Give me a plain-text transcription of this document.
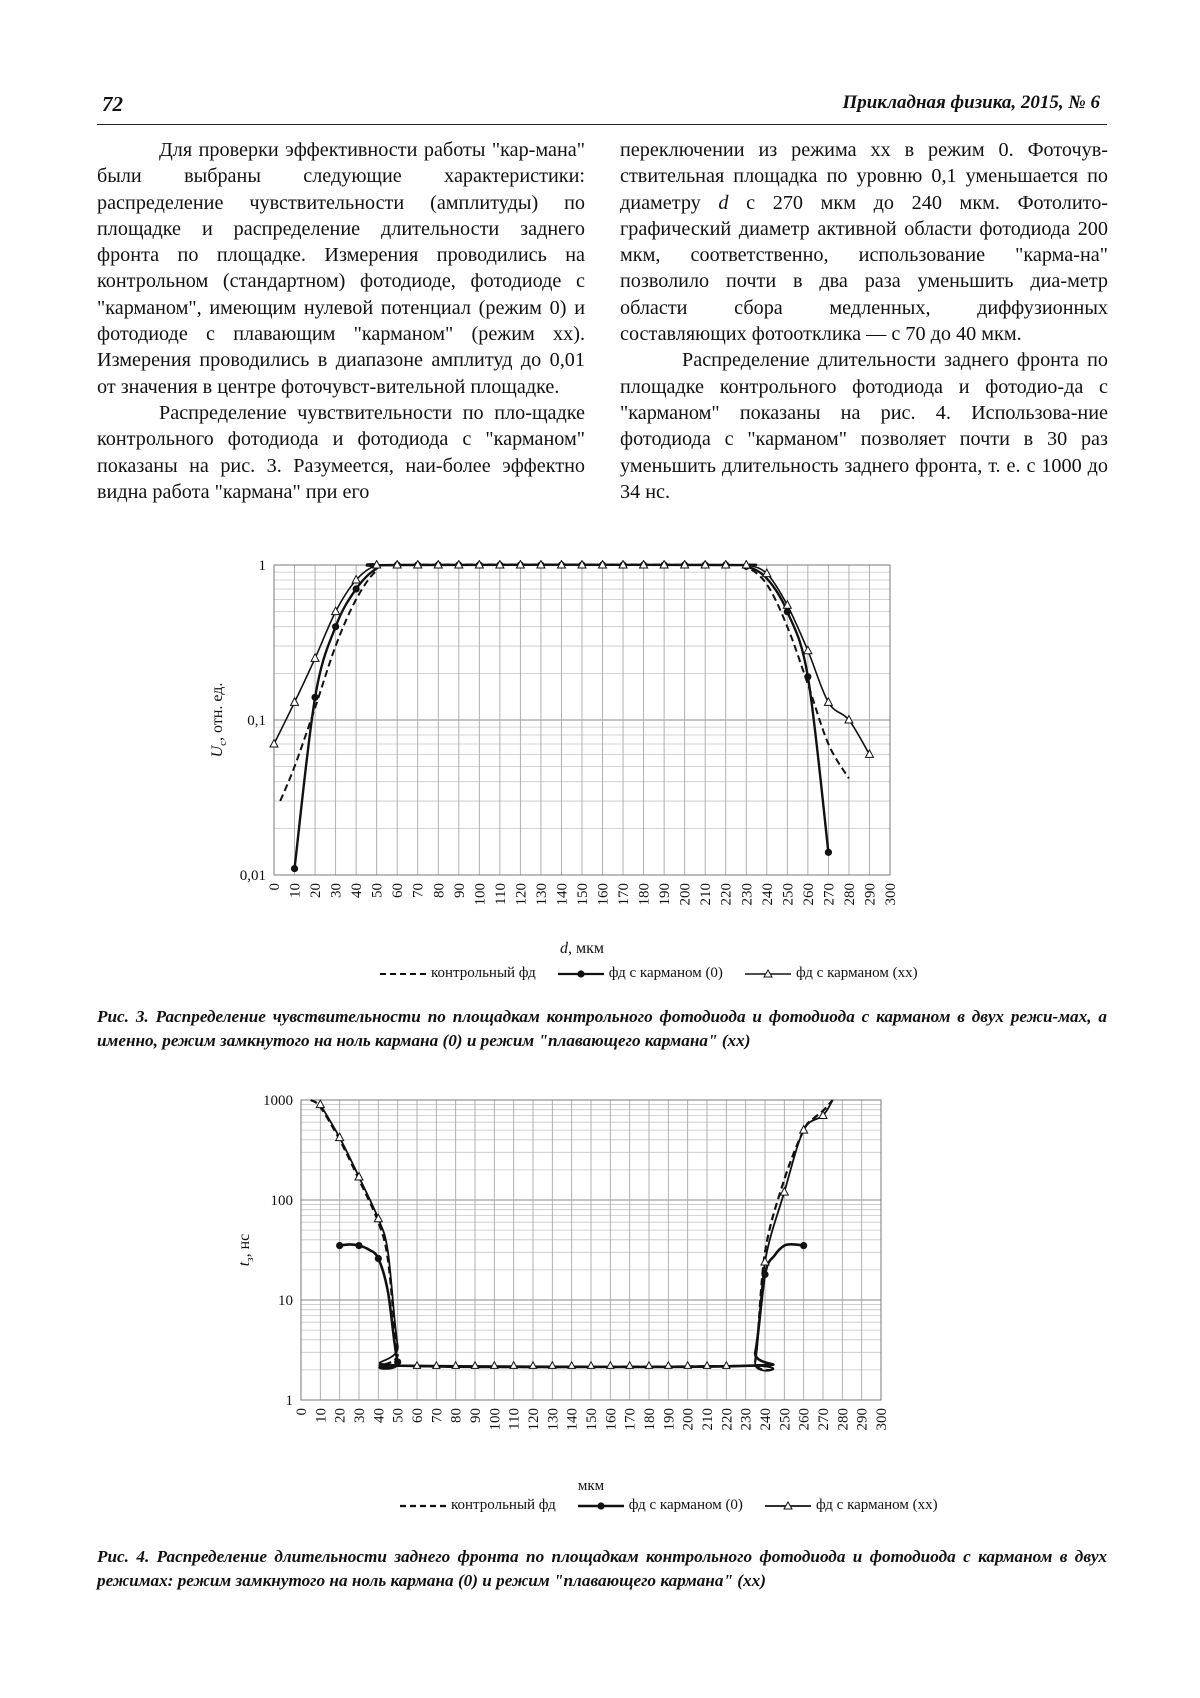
72	Прикладная физика, 2015, № 6

Для проверки эффективности работы "кар-мана" были выбраны следующие характеристики: распределение чувствительности (амплитуды) по площадке и распределение длительности заднего фронта по площадке. Измерения проводились на контрольном (стандартном) фотодиоде, фотодиоде с "карманом", имеющим нулевой потенциал (режим 0) и фотодиоде с плавающим "карманом" (режим хх). Измерения проводились в диапазоне амплитуд до 0,01 от значения в центре фоточувст-вительной площадке.

Распределение чувствительности по пло-щадке контрольного фотодиода и фотодиода с "карманом" показаны на рис. 3. Разумеется, наи-более эффектно видна работа "кармана" при его

переключении из режима хх в режим 0. Фоточув-ствительная площадка по уровню 0,1 уменьшается по диаметру d с 270 мкм до 240 мкм. Фотолито-графический диаметр активной области фотодиода 200 мкм, соответственно, использование "карма-на" позволило почти в два раза уменьшить диа-метр области сбора медленных, диффузионных составляющих фотоотклика — с 70 до 40 мкм.

Распределение длительности заднего фронта по площадке контрольного фотодиода и фотодио-да с "карманом" показаны на рис. 4. Использова-ние фотодиода с "карманом" позволяет почти в 30 раз уменьшить длительность заднего фронта, т. е. с 1000 до 34 нс.

0,01
0,1
1
0 10 20 30 40 50 60 70 80 90 100 110 120 130 140 150 160 170 180 190 200 210 220 230 240 250 260 270 280 290 300
$U_c$, отн. ед.
d, мкм
контрольный фд	фд с карманом (0)	фд с карманом (хх)
Рис. 3. Распределение чувствительности по площадкам контрольного фотодиода и фотодиода с карманом в двух режи-мах, а именно, режим замкнутого на ноль кармана (0) и режим "плавающего кармана" (хх)
1
10
100
1000
0 10 20 30 40 50 60 70 80 90 100 110 120 130 140 150 160 170 180 190 200 210 220 230 240 250 260 270 280 290 300
$t_з$, нс
мкм
контрольный фд	фд с карманом (0)	фд с карманом (хх)
Рис. 4. Распределение длительности заднего фронта по площадкам контрольного фотодиода и фотодиода с карманом в двух режимах: режим замкнутого на ноль кармана (0) и режим "плавающего кармана" (хх)
